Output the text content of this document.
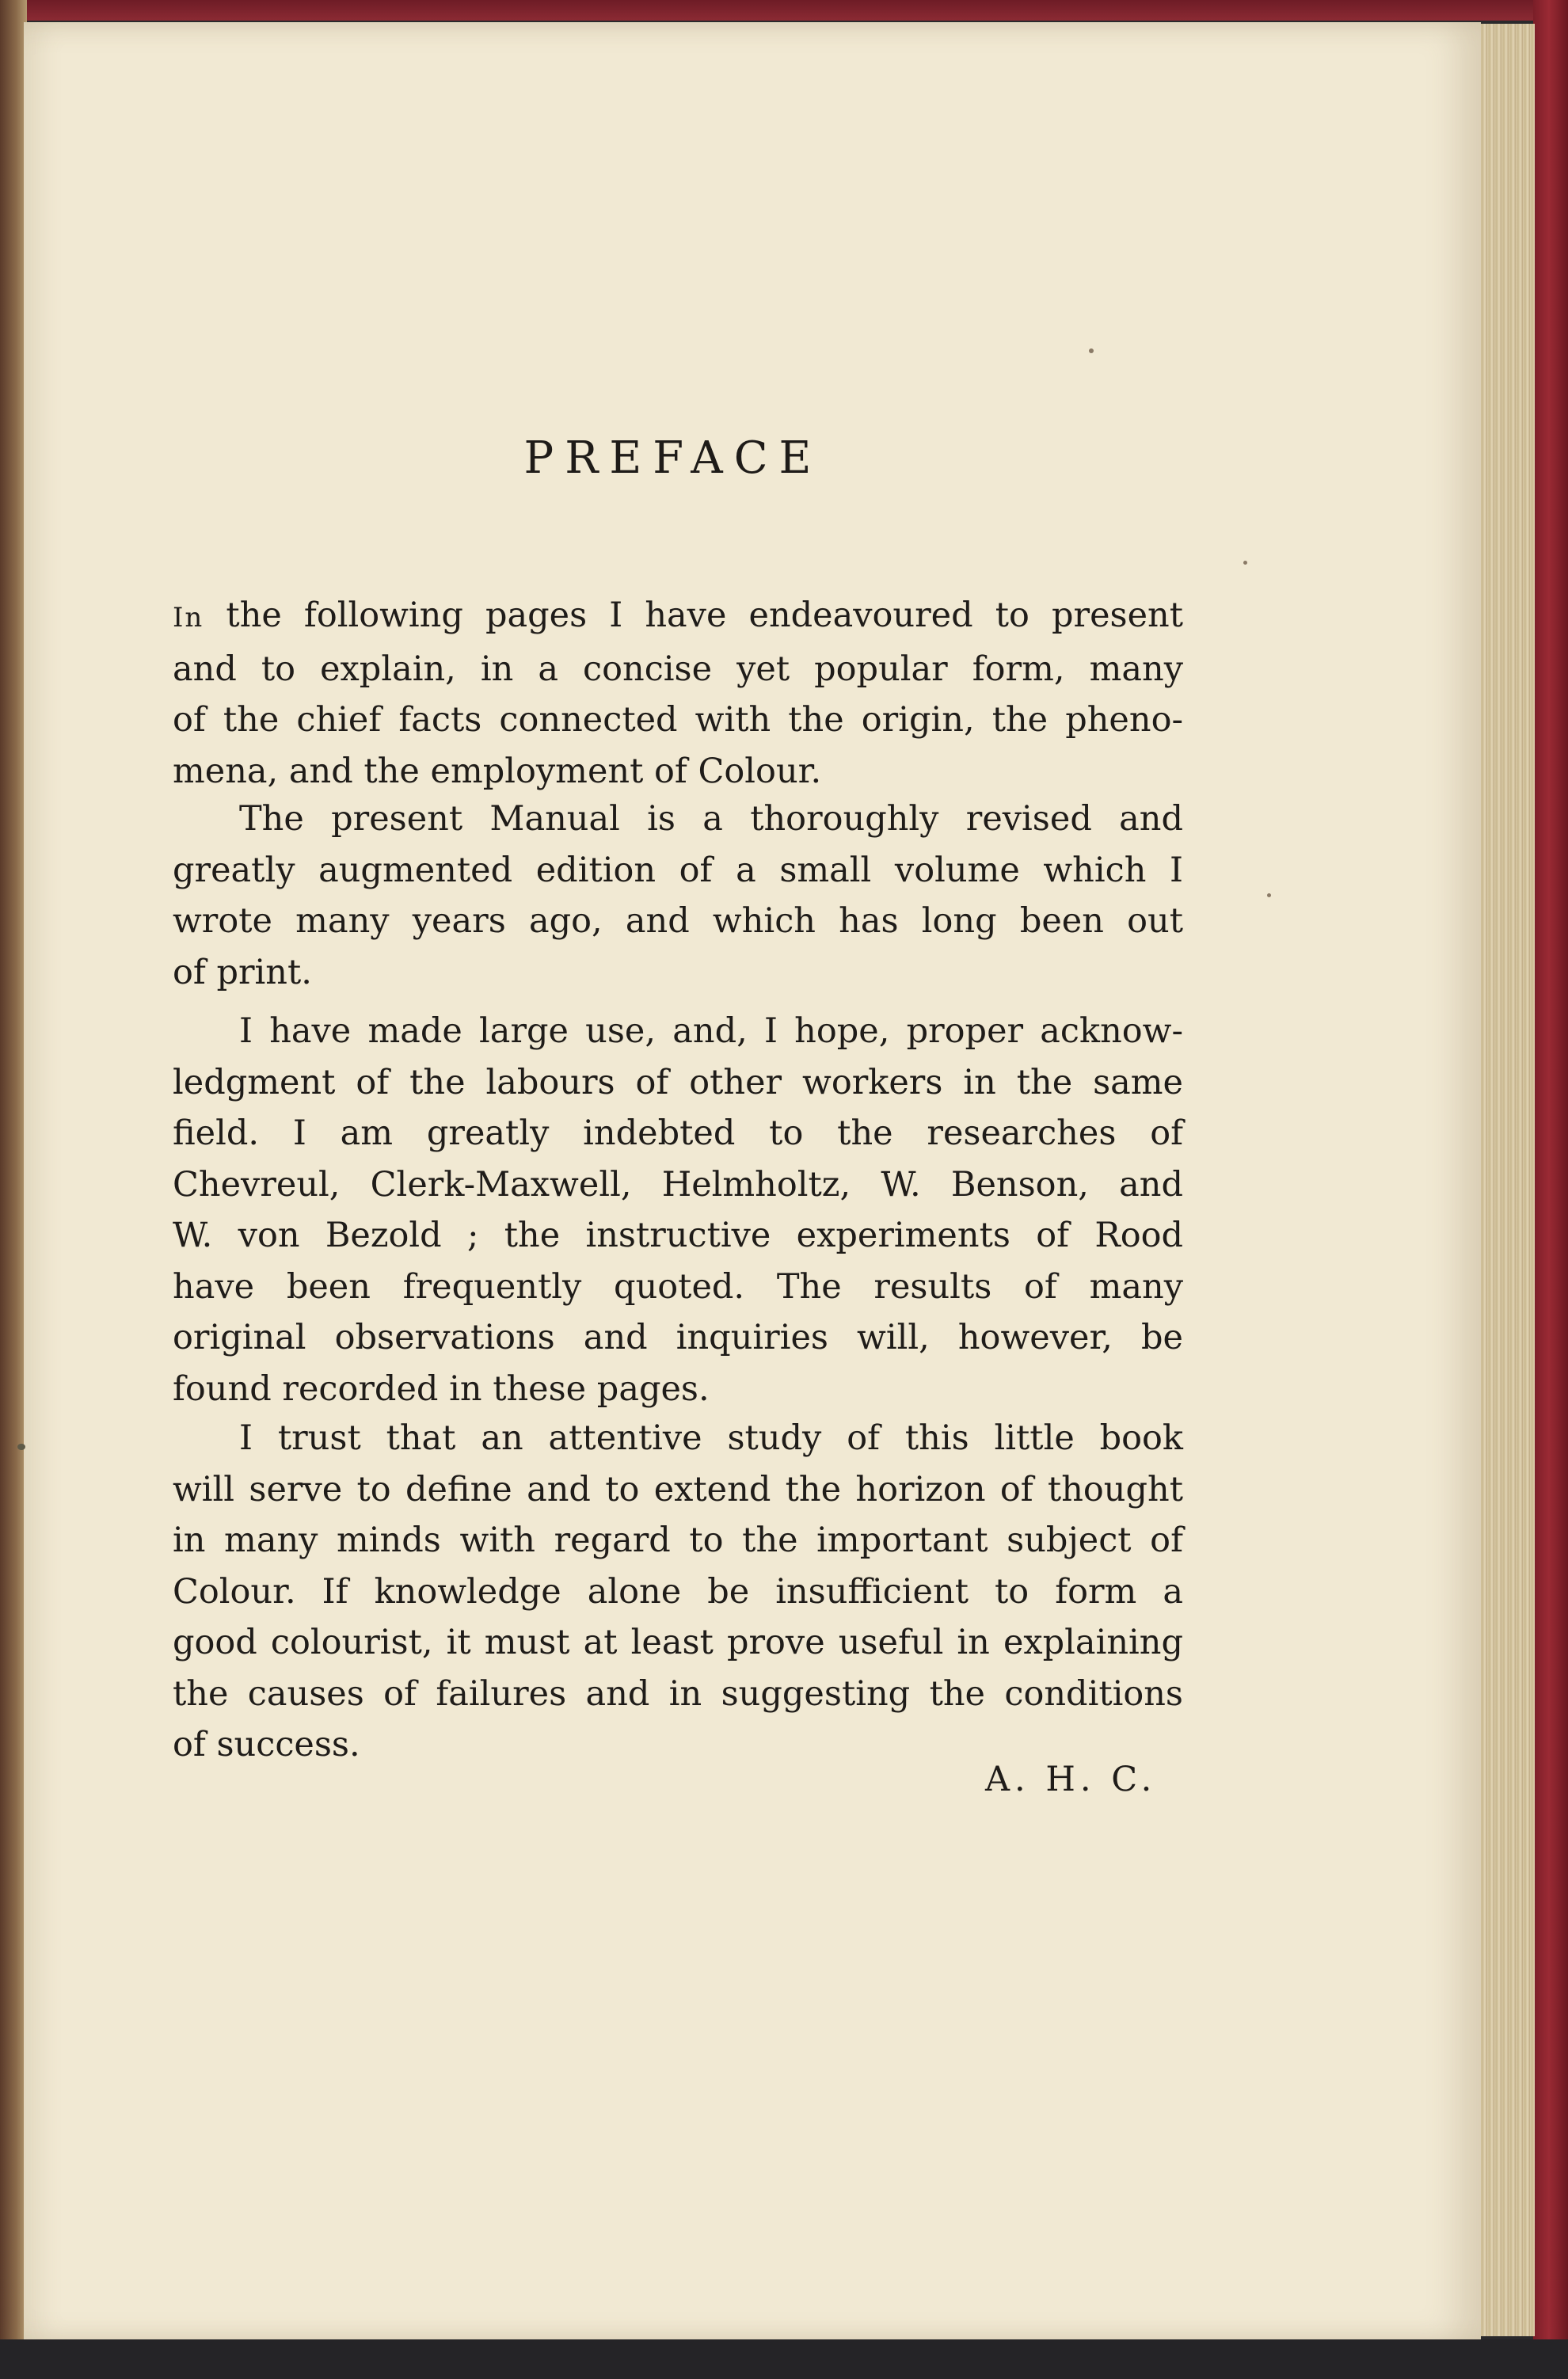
PREFACE
In the following pages I have endeavoured to present
and to explain, in a concise yet popular form, many
of the chief facts connected with the origin, the pheno-
mena, and the employment of Colour.
The present Manual is a thoroughly revised and
greatly augmented edition of a small volume which I
wrote many years ago, and which has long been out
of print.
I have made large use, and, I hope, proper acknow-
ledgment of the labours of other workers in the same
field. I am greatly indebted to the researches of
Chevreul, Clerk-Maxwell, Helmholtz, W. Benson, and
W. von Bezold ; the instructive experiments of Rood
have been frequently quoted. The results of many
original observations and inquiries will, however, be
found recorded in these pages.
I trust that an attentive study of this little book
will serve to define and to extend the horizon of thought
in many minds with regard to the important subject of
Colour. If knowledge alone be insufficient to form a
good colourist, it must at least prove useful in explaining
the causes of failures and in suggesting the conditions
of success.
A. H. C.
